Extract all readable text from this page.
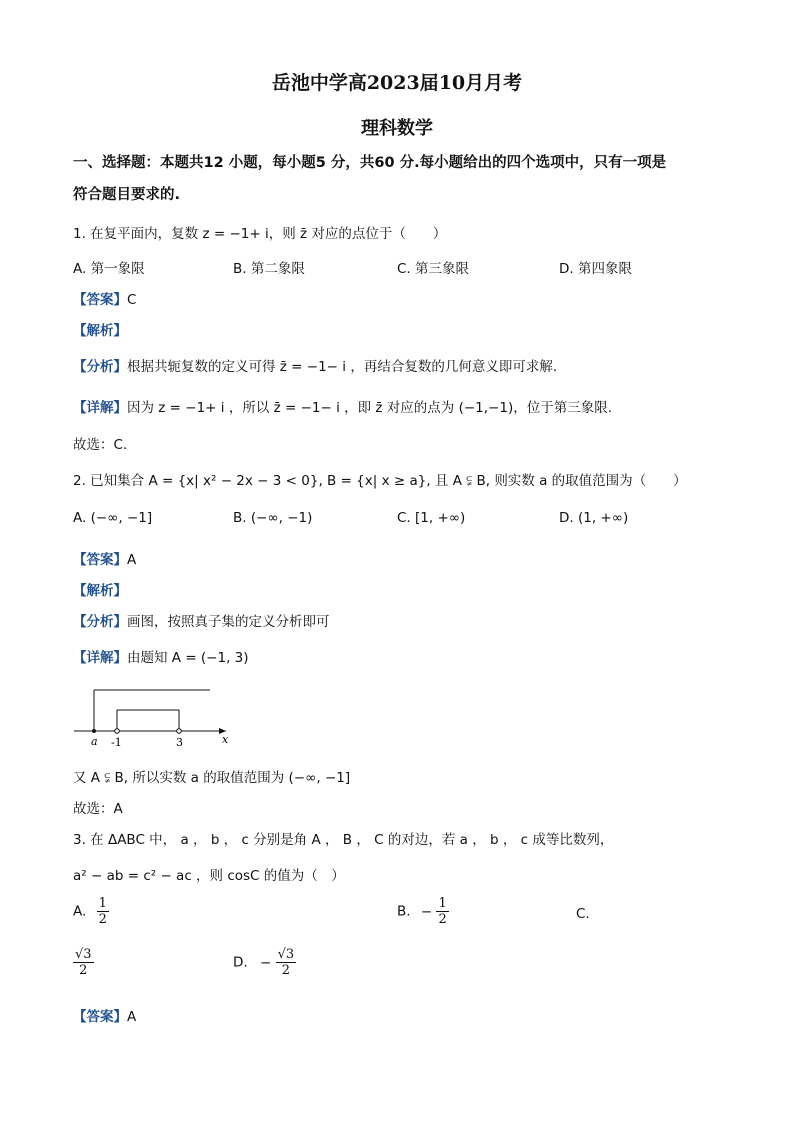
岳池中学高2023届10月月考
理科数学
一、选择题：本题共12 小题，每小题5 分，共60 分.每小题给出的四个选项中，只有一项是
符合题目要求的.
1. 在复平面内，复数 z = −1+ i，则 z̄ 对应的点位于（　　）
A. 第一象限	B. 第二象限	C. 第三象限	D. 第四象限
【答案】C
【解析】
【分析】根据共轭复数的定义可得 z̄ = −1− i ，再结合复数的几何意义即可求解.
【详解】因为 z = −1+ i ，所以 z̄ = −1− i ，即 z̄ 对应的点为 (−1,−1)，位于第三象限.
故选：C.
2. 已知集合 A = {x| x² − 2x − 3 < 0}, B = {x| x ≥ a}, 且 A ⫋ B, 则实数 a 的取值范围为（　　）
A. (−∞, −1]	B. (−∞, −1)	C. [1, +∞)	D. (1, +∞)
【答案】A
【解析】
【分析】画图，按照真子集的定义分析即可
【详解】由题知 A = (−1, 3)
a -1	3	x
又 A ⫋ B, 所以实数 a 的取值范围为 (−∞, −1]
故选：A
3. 在 ΔABC 中， a ， b ， c 分别是角 A ， B ， C 的对边，若 a ， b ， c 成等比数列，
a² − ab = c² − ac ，则 cosC 的值为（　）
A. $\frac{1}{2}$	B. − $\frac{1}{2}$	C.
$\frac{√3}{2}$	D. − $\frac{√3}{2}$
【答案】A
